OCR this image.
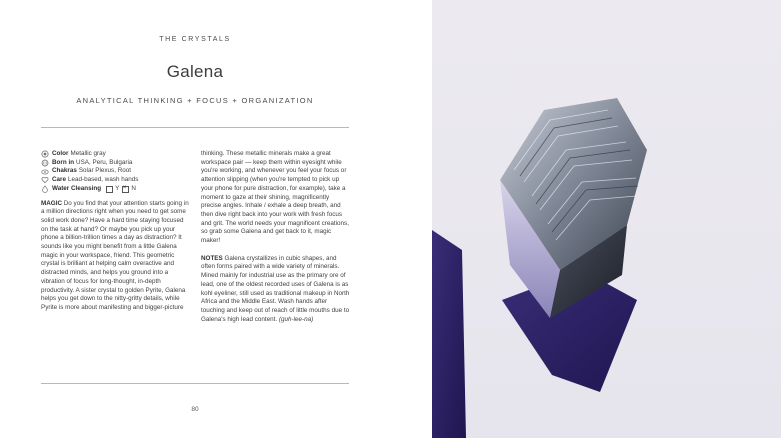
THE CRYSTALS
Galena
ANALYTICAL THINKING + FOCUS + ORGANIZATION
Color Metallic gray
Born in USA, Peru, Bulgaria
Chakras Solar Plexus, Root
Care Lead-based, wash hands
Water Cleansing Y
× N

MAGIC Do you find that your attention starts going in a million directions right when you need to get some solid work done? Have a hard time staying focused on the task at hand? Or maybe you pick up your phone a billion-trillion times a day as distraction? It sounds like you might benefit from a little Galena magic in your workspace, friend. This geometric crystal is brilliant at helping calm overactive and distracted minds, and helps you ground into a vibration of focus for long-thought, in-depth productivity. A sister crystal to golden Pyrite, Galena helps you get down to the nitty-gritty details, while Pyrite is more about manifesting and bigger-picture

thinking. These metallic minerals make a great workspace pair — keep them within eyesight while you're working, and whenever you feel your focus or attention slipping (when you're tempted to pick up your phone for pure distraction, for example), take a moment to gaze at their shining, magnificently precise angles. Inhale / exhale a deep breath, and then dive right back into your work with fresh focus and grit. The world needs your magnificent creations, so grab some Galena and get back to it, magic maker!

NOTES Galena crystallizes in cubic shapes, and often forms paired with a wide variety of minerals. Mined mainly for industrial use as the primary ore of lead, one of the oldest recorded uses of Galena is as kohl eyeliner, still used as traditional makeup in North Africa and the Middle East. Wash hands after touching and keep out of reach of little mouths due to Galena's high lead content. (guh-lee-na)

80
